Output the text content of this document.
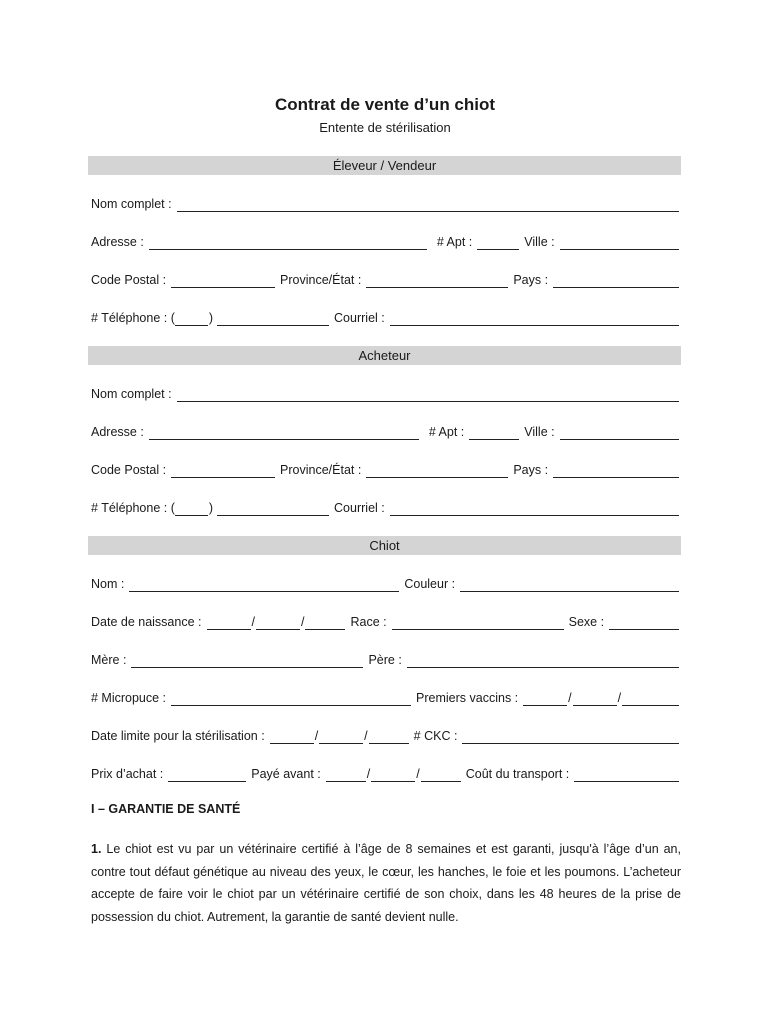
Contrat de vente d’un chiot
Entente de stérilisation
Éleveur / Vendeur
Nom complet :
Adresse :	# Apt :	Ville :
Code Postal :	Province/État :	Pays :
# Téléphone : (	)	Courriel :
Acheteur
Nom complet :
Adresse :	# Apt :	Ville :
Code Postal :	Province/État :	Pays :
# Téléphone : (	)	Courriel :
Chiot
Nom :	Couleur :
Date de naissance :	/	/	Race :	Sexe :
Mère :	Père :
# Micropuce :	Premiers vaccins :	/	/
Date limite pour la stérilisation :	/	/	# CKC :
Prix d’achat :	Payé avant :	/	/	Coût du transport :
I – GARANTIE DE SANTÉ
1. Le chiot est vu par un vétérinaire certifié à l’âge de 8 semaines et est garanti, jusqu'à l’âge d’un an, contre tout défaut génétique au niveau des yeux, le cœur, les hanches, le foie et les poumons. L’acheteur accepte de faire voir le chiot par un vétérinaire certifié de son choix, dans les 48 heures de la prise de possession du chiot. Autrement, la garantie de santé devient nulle.
